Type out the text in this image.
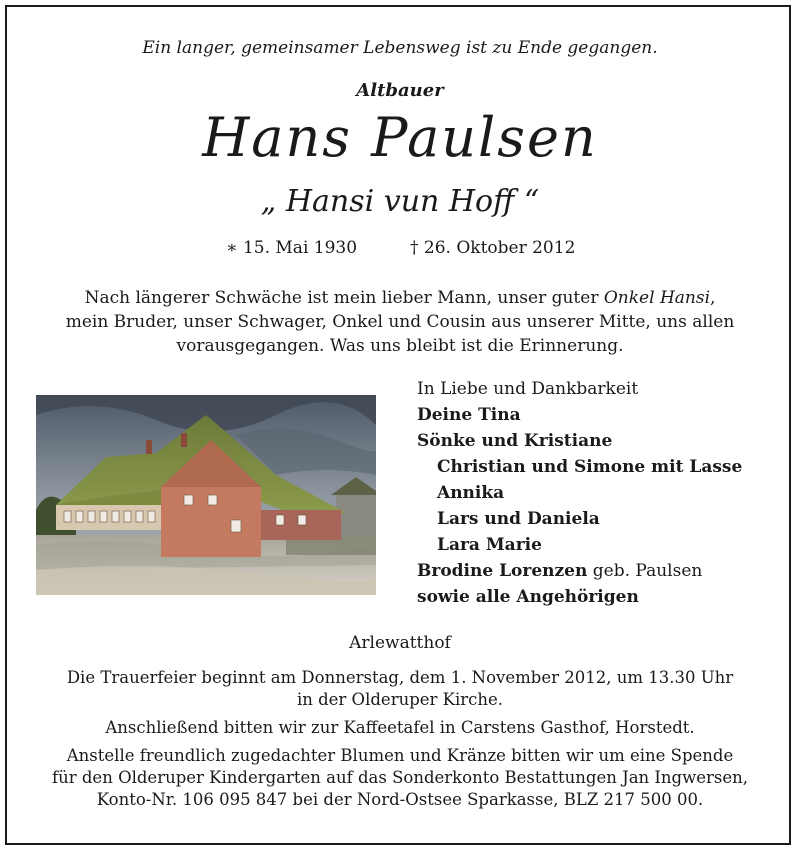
Ein langer, gemeinsamer Lebensweg ist zu Ende gegangen.
Altbauer
Hans Paulsen
„ Hansi vun Hoff “
∗ 15. Mai 1930	† 26. Oktober 2012
Nach längerer Schwäche ist mein lieber Mann, unser guter Onkel Hansi,
mein Bruder, unser Schwager, Onkel und Cousin aus unserer Mitte, uns allen
vorausgegangen. Was uns bleibt ist die Erinnerung.
In Liebe und Dankbarkeit
Deine Tina
Sönke und Kristiane
Christian und Simone mit Lasse
Annika
Lars und Daniela
Lara Marie
Brodine Lorenzen geb. Paulsen
sowie alle Angehörigen
Arlewatthof
Die Trauerfeier beginnt am Donnerstag, dem 1. November 2012, um 13.30 Uhr
in der Olderuper Kirche.
Anschließend bitten wir zur Kaffeetafel in Carstens Gasthof, Horstedt.
Anstelle freundlich zugedachter Blumen und Kränze bitten wir um eine Spende
für den Olderuper Kindergarten auf das Sonderkonto Bestattungen Jan Ingwersen,
Konto-Nr. 106 095 847 bei der Nord-Ostsee Sparkasse, BLZ 217 500 00.
